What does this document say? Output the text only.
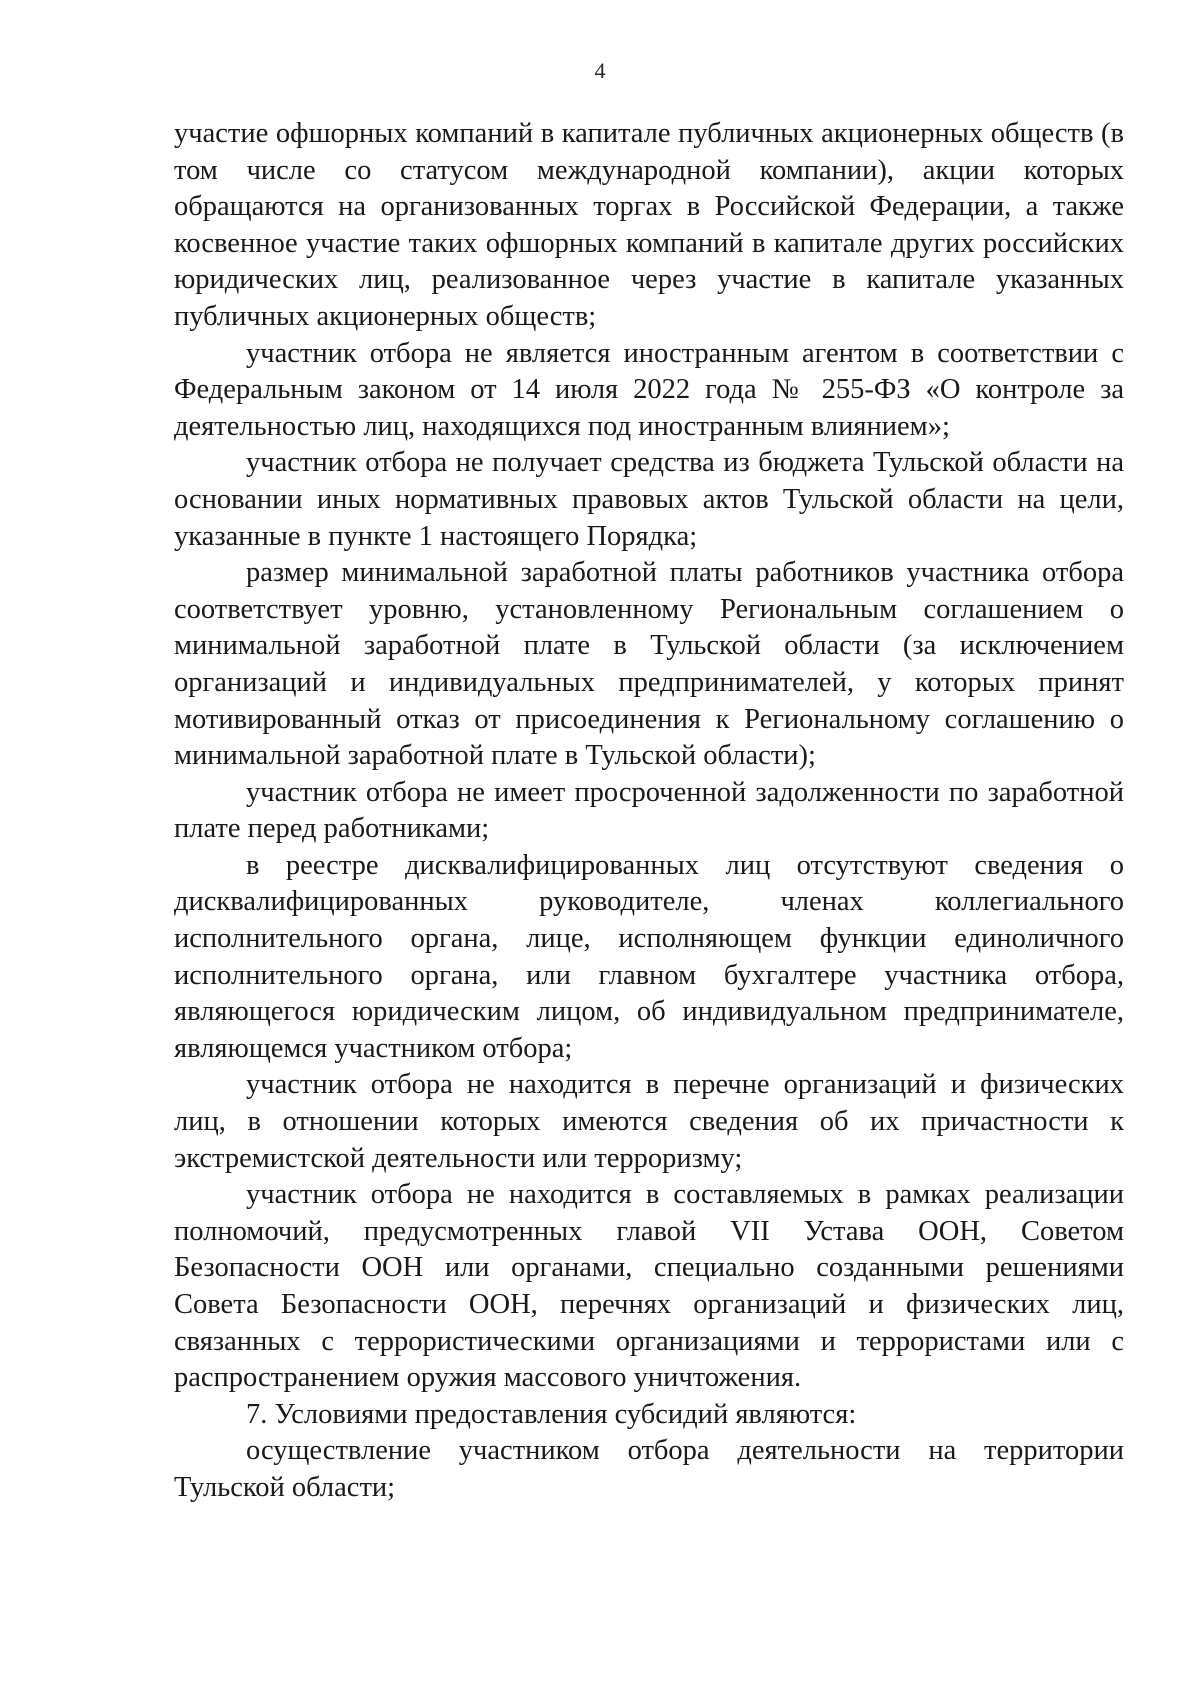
4

участие офшорных компаний в капитале публичных акционерных обществ (в том числе со статусом международной компании), акции которых обращаются на организованных торгах в Российской Федерации, а также косвенное участие таких офшорных компаний в капитале других российских юридических лиц, реализованное через участие в капитале указанных публичных акционерных обществ;

участник отбора не является иностранным агентом в соответствии с Федеральным законом от 14 июля 2022 года № 255-ФЗ «О контроле за деятельностью лиц, находящихся под иностранным влиянием»;

участник отбора не получает средства из бюджета Тульской области на основании иных нормативных правовых актов Тульской области на цели, указанные в пункте 1 настоящего Порядка;

размер минимальной заработной платы работников участника отбора соответствует уровню, установленному Региональным соглашением о минимальной заработной плате в Тульской области (за исключением организаций и индивидуальных предпринимателей, у которых принят мотивированный отказ от присоединения к Региональному соглашению о минимальной заработной плате в Тульской области);

участник отбора не имеет просроченной задолженности по заработной плате перед работниками;

в реестре дисквалифицированных лиц отсутствуют сведения о дисквалифицированных руководителе, членах коллегиального исполнительного органа, лице, исполняющем функции единоличного исполнительного органа, или главном бухгалтере участника отбора, являющегося юридическим лицом, об индивидуальном предпринимателе, являющемся участником отбора;

участник отбора не находится в перечне организаций и физических лиц, в отношении которых имеются сведения об их причастности к экстремистской деятельности или терроризму;

участник отбора не находится в составляемых в рамках реализации полномочий, предусмотренных главой VII Устава ООН, Советом Безопасности ООН или органами, специально созданными решениями Совета Безопасности ООН, перечнях организаций и физических лиц, связанных с террористическими организациями и террористами или с распространением оружия массового уничтожения.

7. Условиями предоставления субсидий являются:

осуществление участником отбора деятельности на территории Тульской области;
